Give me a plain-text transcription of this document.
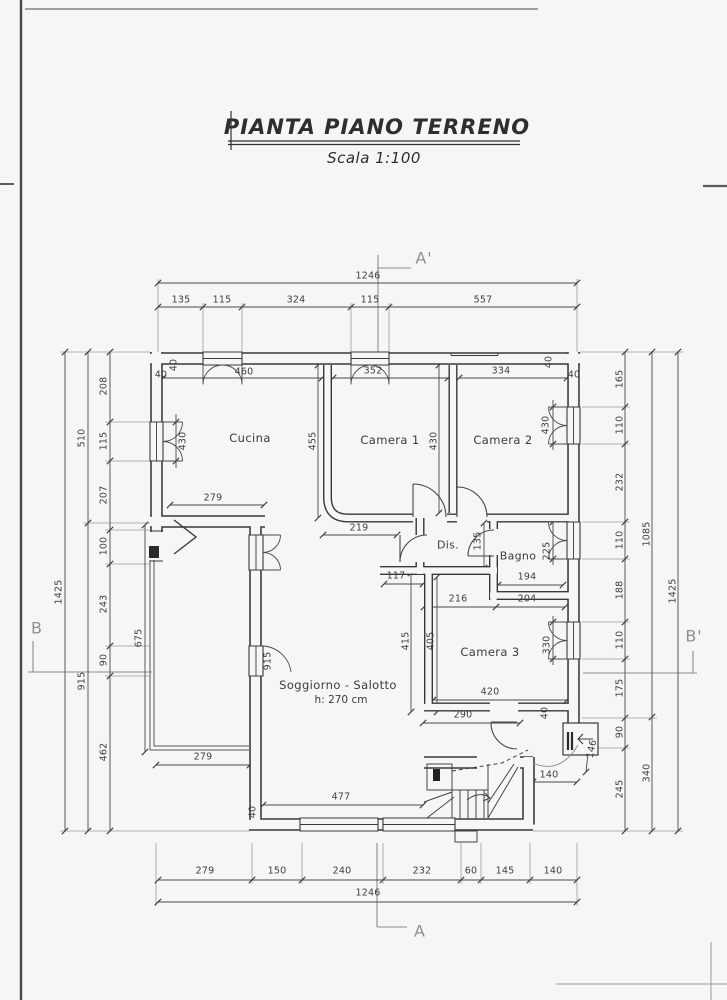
PIANTA PIANO TERRENO
Scala 1:100
Cucina	Camera 1	Camera 2
Dis.
Bagno
Camera 3
Soggiorno - Salotto
h: 270 cm
A'
A
B	B'
1246
135 115	324	115	557
460	352	334
40
40
40
40
430	455	430
430
279
219
135
225
194
117
216	204
915
330
415 405
420
290	40
146
140
675
279
477
40
1425
510
915
208
115
207
100
243
90
462
165
110
232
110
188
110
175
90
245
1085
340
1425
1246
279	150	240	232	60 145	140
